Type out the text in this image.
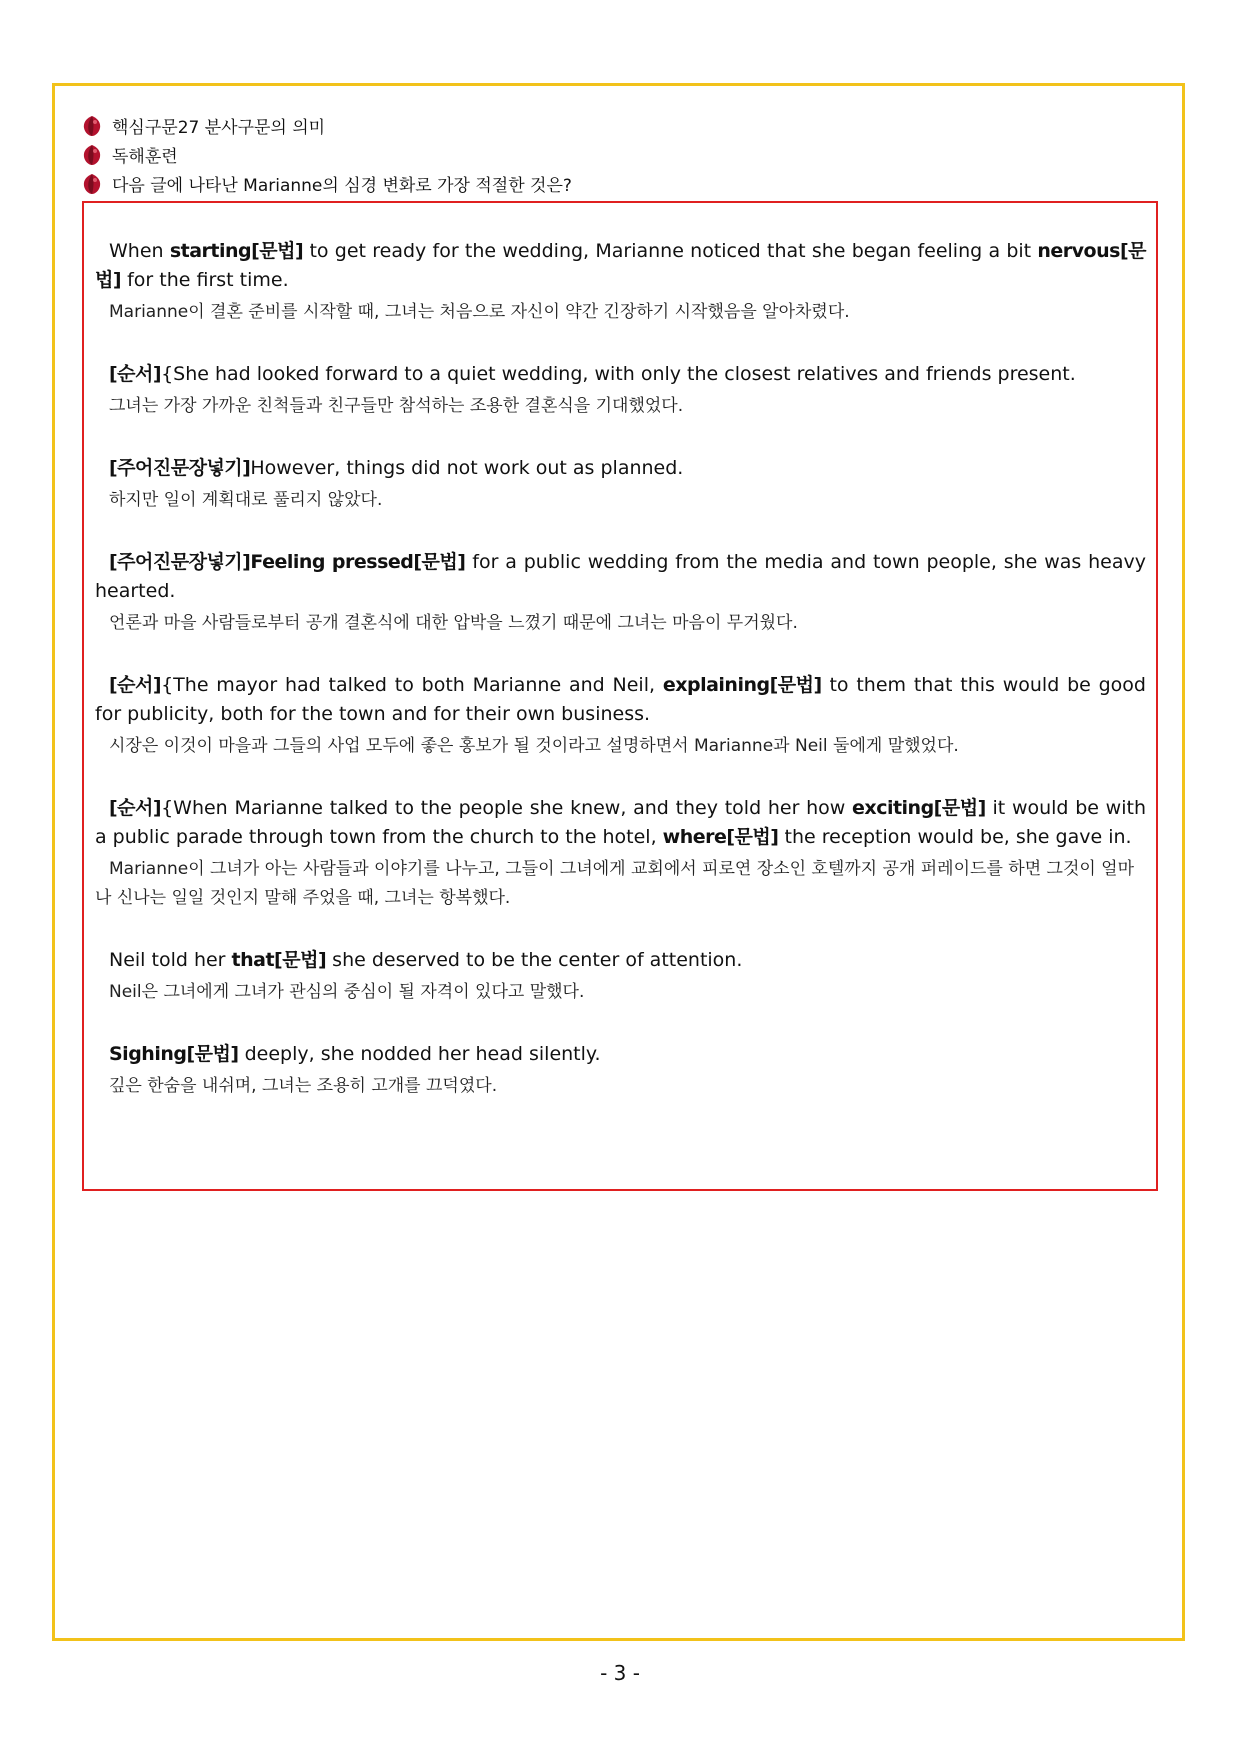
핵심구문27 분사구문의 의미
독해훈련
다음 글에 나타난 Marianne의 심경 변화로 가장 적절한 것은?

When starting[문법] to get ready for the wedding, Marianne noticed that she began feeling a bit nervous[문법] for the first time.

Marianne이 결혼 준비를 시작할 때, 그녀는 처음으로 자신이 약간 긴장하기 시작했음을 알아차렸다.

[순서]{She had looked forward to a quiet wedding, with only the closest relatives and friends present.

그녀는 가장 가까운 친척들과 친구들만 참석하는 조용한 결혼식을 기대했었다.

[주어진문장넣기]However, things did not work out as planned.

하지만 일이 계획대로 풀리지 않았다.

[주어진문장넣기]Feeling pressed[문법] for a public wedding from the media and town people, she was heavy hearted.

언론과 마을 사람들로부터 공개 결혼식에 대한 압박을 느꼈기 때문에 그녀는 마음이 무거웠다.

[순서]{The mayor had talked to both Marianne and Neil, explaining[문법] to them that this would be good for publicity, both for the town and for their own business.

시장은 이것이 마을과 그들의 사업 모두에 좋은 홍보가 될 것이라고 설명하면서 Marianne과 Neil 둘에게 말했었다.

[순서]{When Marianne talked to the people she knew, and they told her how exciting[문법] it would be with a public parade through town from the church to the hotel, where[문법] the reception would be, she gave in.

Marianne이 그녀가 아는 사람들과 이야기를 나누고, 그들이 그녀에게 교회에서 피로연 장소인 호텔까지 공개 퍼레이드를 하면 그것이 얼마나 신나는 일일 것인지 말해 주었을 때, 그녀는 항복했다.

Neil told her that[문법] she deserved to be the center of attention.

Neil은 그녀에게 그녀가 관심의 중심이 될 자격이 있다고 말했다.

Sighing[문법] deeply, she nodded her head silently.

깊은 한숨을 내쉬며, 그녀는 조용히 고개를 끄덕였다.

- 3 -
